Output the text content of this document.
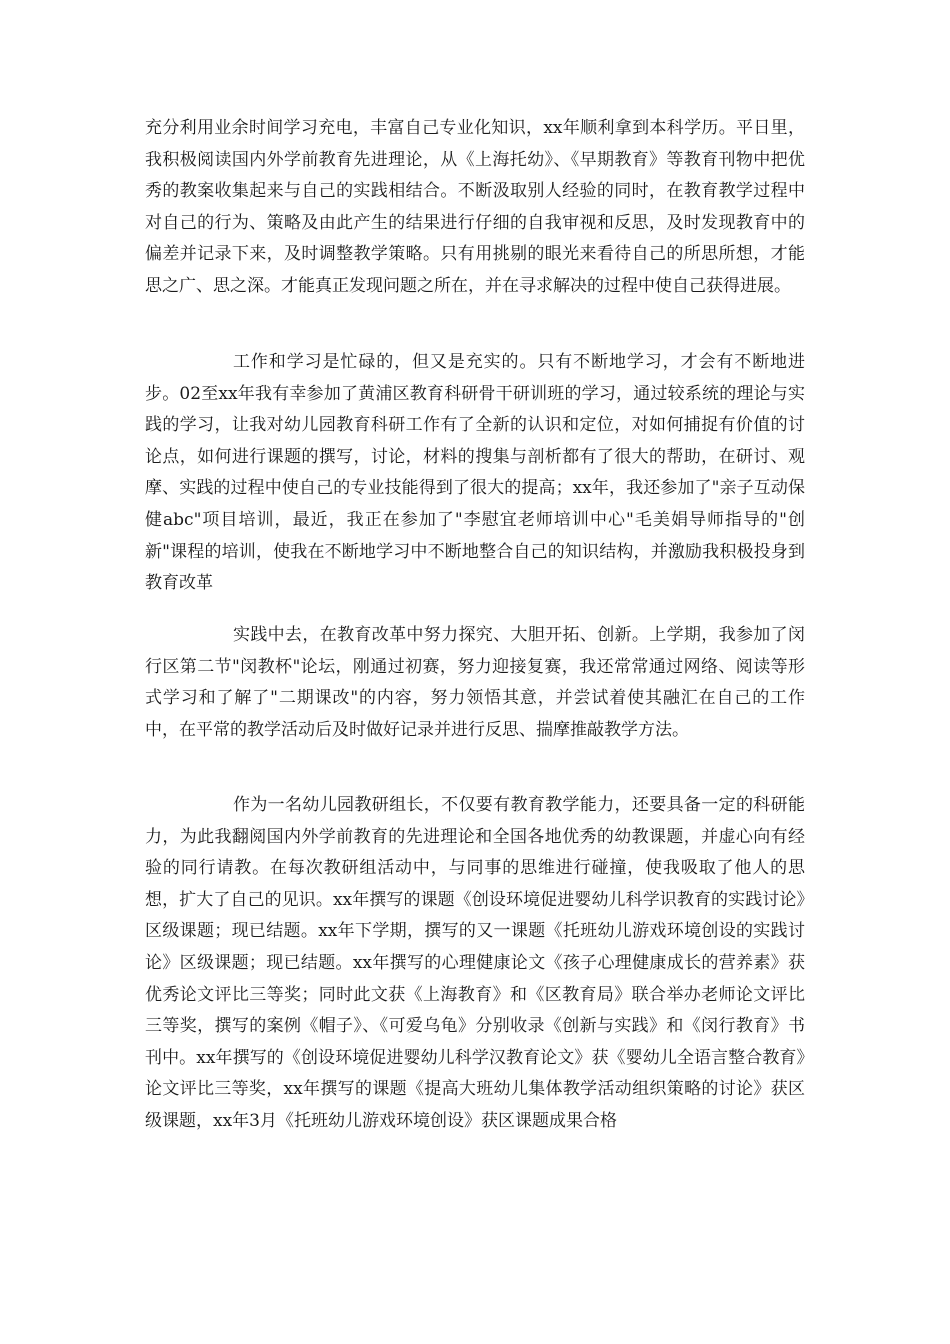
充分利用业余时间学习充电，丰富自己专业化知识，xx年顺利拿到本科学历。平日里，我积极阅读国内外学前教育先进理论，从《上海托幼》、《早期教育》等教育刊物中把优秀的教案收集起来与自己的实践相结合。不断汲取别人经验的同时，在教育教学过程中对自己的行为、策略及由此产生的结果进行仔细的自我审视和反思，及时发现教育中的偏差并记录下来，及时调整教学策略。只有用挑剔的眼光来看待自己的所思所想，才能思之广、思之深。才能真正发现问题之所在，并在寻求解决的过程中使自己获得进展。

工作和学习是忙碌的，但又是充实的。只有不断地学习，才会有不断地进步。02至xx年我有幸参加了黄浦区教育科研骨干研训班的学习，通过较系统的理论与实践的学习，让我对幼儿园教育科研工作有了全新的认识和定位，对如何捕捉有价值的讨论点，如何进行课题的撰写，讨论，材料的搜集与剖析都有了很大的帮助，在研讨、观摩、实践的过程中使自己的专业技能得到了很大的提高；xx年，我还参加了"亲子互动保健abc"项目培训，最近，我正在参加了"李慰宜老师培训中心"毛美娟导师指导的"创新"课程的培训，使我在不断地学习中不断地整合自己的知识结构，并激励我积极投身到教育改革

实践中去，在教育改革中努力探究、大胆开拓、创新。上学期，我参加了闵行区第二节"闵教杯"论坛，刚通过初赛，努力迎接复赛，我还常常通过网络、阅读等形式学习和了解了"二期课改"的内容，努力领悟其意，并尝试着使其融汇在自己的工作中，在平常的教学活动后及时做好记录并进行反思、揣摩推敲教学方法。

作为一名幼儿园教研组长，不仅要有教育教学能力，还要具备一定的科研能力，为此我翻阅国内外学前教育的先进理论和全国各地优秀的幼教课题，并虚心向有经验的同行请教。在每次教研组活动中，与同事的思维进行碰撞，使我吸取了他人的思想，扩大了自己的见识。xx年撰写的课题《创设环境促进婴幼儿科学识教育的实践讨论》区级课题；现已结题。xx年下学期，撰写的又一课题《托班幼儿游戏环境创设的实践讨论》区级课题；现已结题。xx年撰写的心理健康论文《孩子心理健康成长的营养素》获优秀论文评比三等奖；同时此文获《上海教育》和《区教育局》联合举办老师论文评比三等奖，撰写的案例《帽子》、《可爱乌龟》分别收录《创新与实践》和《闵行教育》书刊中。xx年撰写的《创设环境促进婴幼儿科学汉教育论文》获《婴幼儿全语言整合教育》论文评比三等奖，xx年撰写的课题《提高大班幼儿集体教学活动组织策略的讨论》获区级课题，xx年3月《托班幼儿游戏环境创设》获区课题成果合格
